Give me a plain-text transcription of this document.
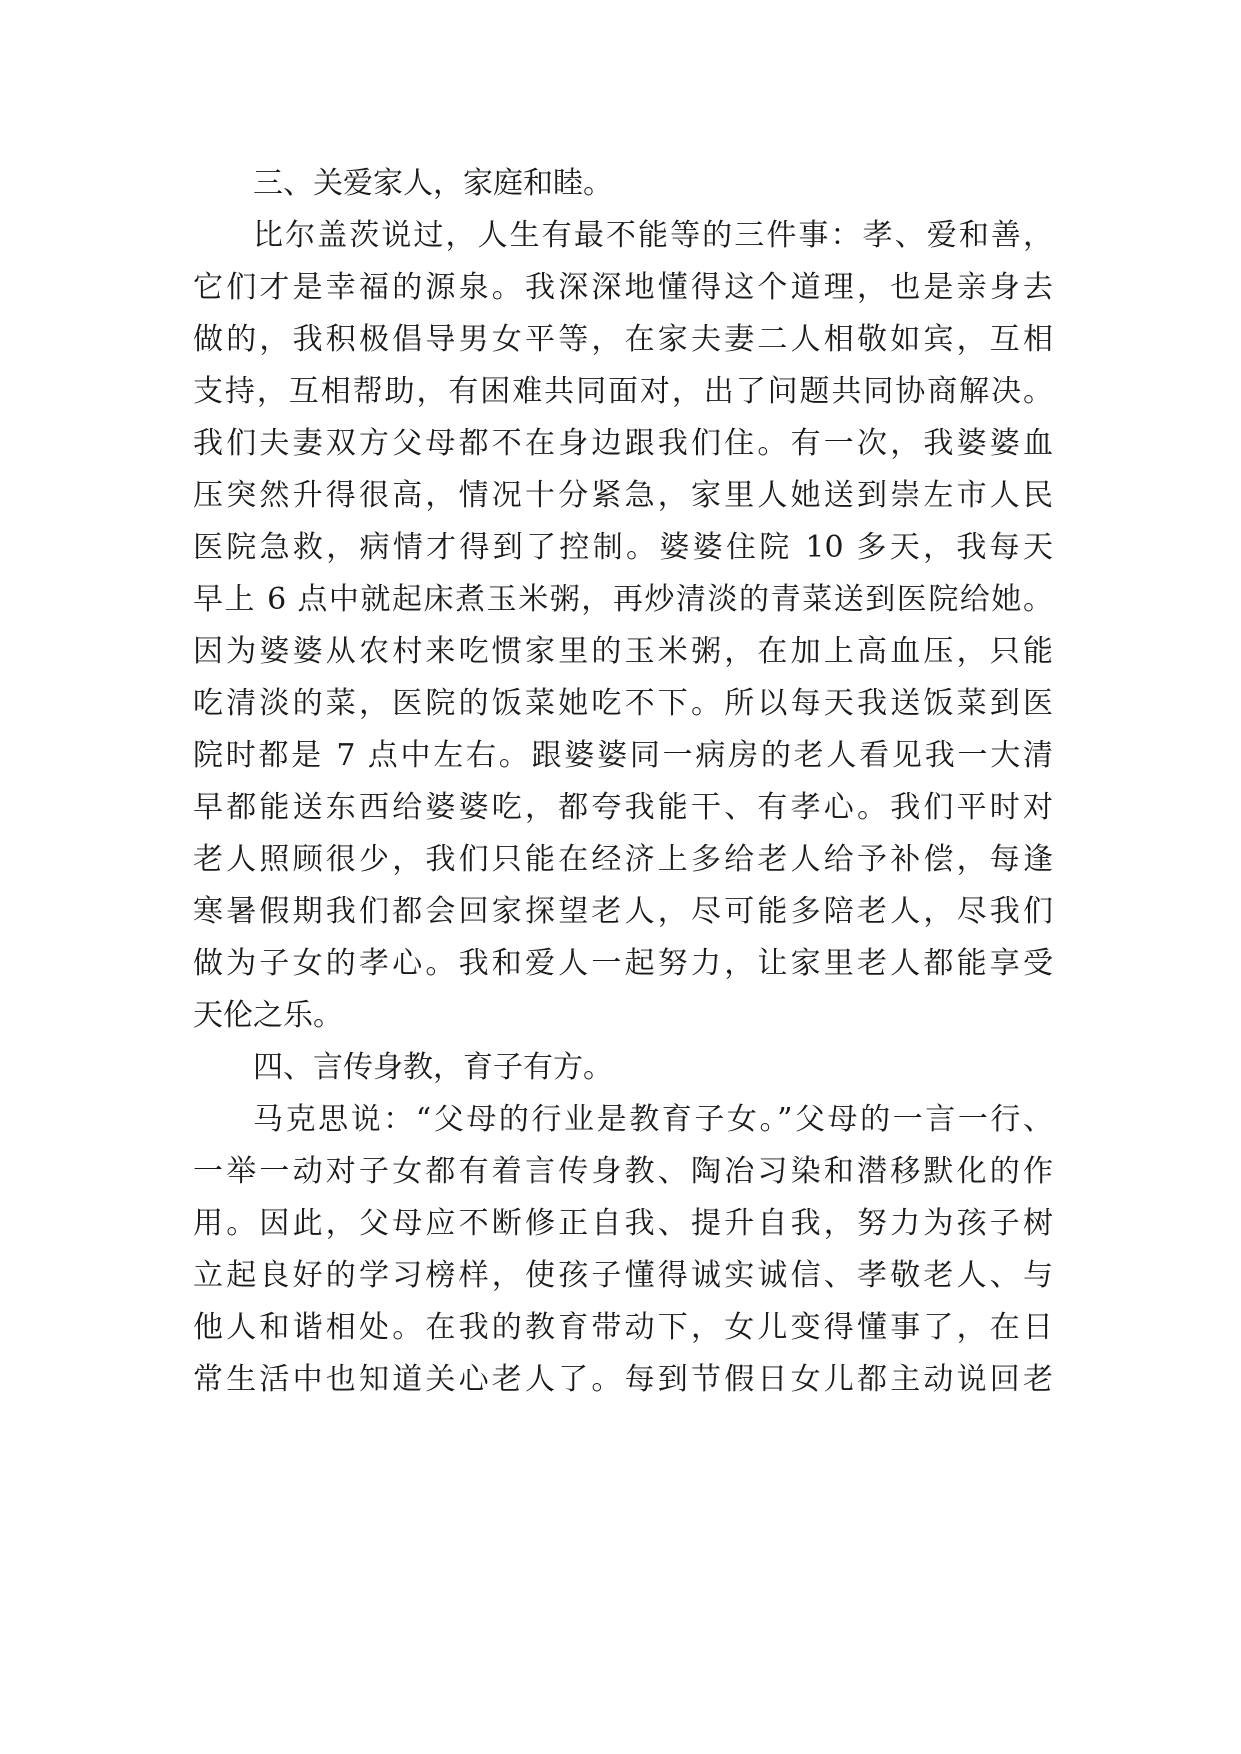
三、关爱家人，家庭和睦。
比尔盖茨说过，人生有最不能等的三件事：孝、爱和善，
它们才是幸福的源泉。我深深地懂得这个道理，也是亲身去
做的，我积极倡导男女平等，在家夫妻二人相敬如宾，互相
支持，互相帮助，有困难共同面对，出了问题共同协商解决。
我们夫妻双方父母都不在身边跟我们住。有一次，我婆婆血
压突然升得很高，情况十分紧急，家里人她送到崇左市人民
医院急救，病情才得到了控制。婆婆住院 10 多天，我每天
早上 6 点中就起床煮玉米粥，再炒清淡的青菜送到医院给她。
因为婆婆从农村来吃惯家里的玉米粥，在加上高血压，只能
吃清淡的菜，医院的饭菜她吃不下。所以每天我送饭菜到医
院时都是 7 点中左右。跟婆婆同一病房的老人看见我一大清
早都能送东西给婆婆吃，都夸我能干、有孝心。我们平时对
老人照顾很少，我们只能在经济上多给老人给予补偿，每逢
寒暑假期我们都会回家探望老人，尽可能多陪老人，尽我们
做为子女的孝心。我和爱人一起努力，让家里老人都能享受
天伦之乐。
四、言传身教，育子有方。
马克思说：“父母的行业是教育子女。”父母的一言一行、
一举一动对子女都有着言传身教、陶冶习染和潜移默化的作
用。因此，父母应不断修正自我、提升自我，努力为孩子树
立起良好的学习榜样，使孩子懂得诚实诚信、孝敬老人、与
他人和谐相处。在我的教育带动下，女儿变得懂事了，在日
常生活中也知道关心老人了。每到节假日女儿都主动说回老
